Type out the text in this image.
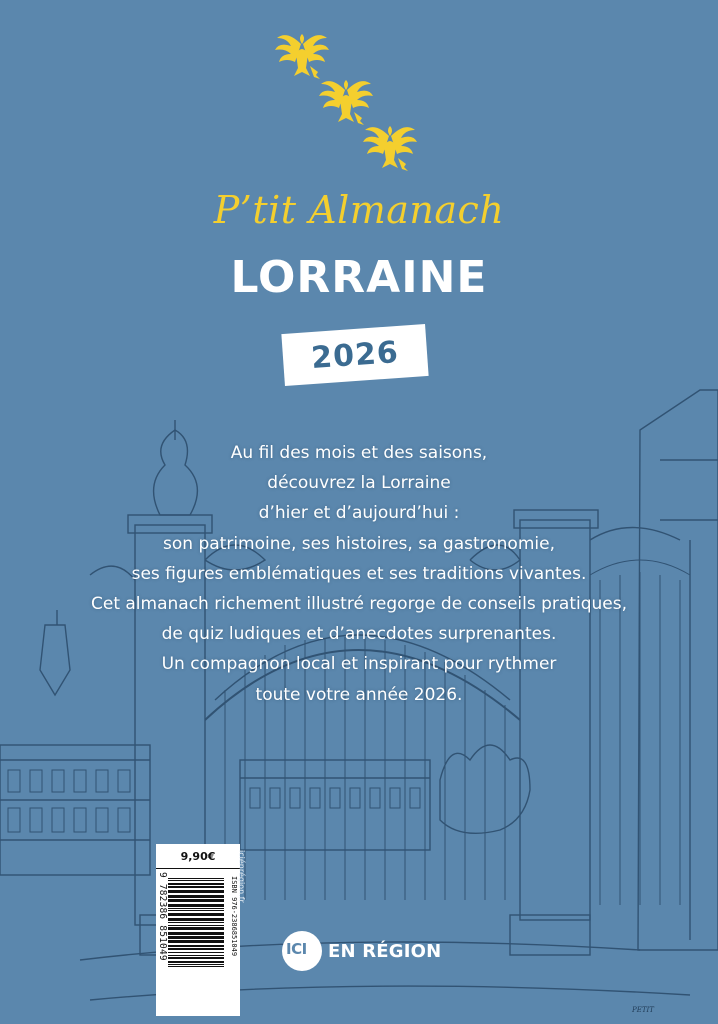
P’tit Almanach
LORRAINE
2026
Au fil des mois et des saisons,
découvrez la Lorraine
d’hier et d’aujourd’hui :
son patrimoine, ses histoires, sa gastronomie,
ses figures emblématiques et ses traditions vivantes.
Cet almanach richement illustré regorge de conseils pratiques,
de quiz ludiques et d’anecdotes surprenantes.
Un compagnon local et inspirant pour rythmer
toute votre année 2026.
9,90€
ISBN 976-2386851049
9 782386 851049	iciénrégion.fr
ICI EN RÉGION
PETIT
